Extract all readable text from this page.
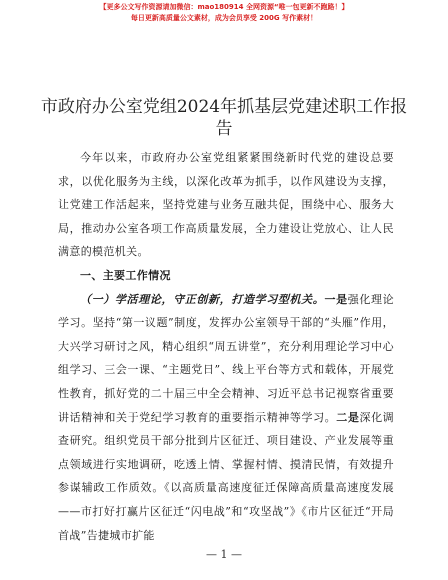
【更多公文写作资源请加微信：mao180914 全网资源“唯一包更新不跑路！】
每日更新高质量公文素材，成为会员享受 200G 写作素材！
市政府办公室党组2024年抓基层党建述职工作报告

今年以来，市政府办公室党组紧紧围绕新时代党的建设总要求，以优化服务为主线，以深化改革为抓手，以作风建设为支撑，让党建工作活起来，坚持党建与业务互融共促，围绕中心、服务大局，推动办公室各项工作高质量发展，全力建设让党放心、让人民满意的模范机关。

一、主要工作情况

（一）学活理论，守正创新，打造学习型机关。一是强化理论学习。坚持“第一议题”制度，发挥办公室领导干部的“头雁”作用，大兴学习研讨之风，精心组织“周五讲堂”，充分利用理论学习中心组学习、三会一课、“主题党日”、线上平台等方式和载体，开展党性教育，抓好党的二十届三中全会精神、习近平总书记视察省重要讲话精神和关于党纪学习教育的重要指示精神等学习。二是深化调查研究。组织党员干部分批到片区征迁、项目建设、产业发展等重点领域进行实地调研，吃透上情、掌握村情、摸清民情，有效提升参谋辅政工作质效。《以高质量高速度征迁保障高质量高速度发展——市打好打赢片区征迁“闪电战”和“攻坚战”》《市片区征迁“开局首战”告捷城市扩能

— 1 —
